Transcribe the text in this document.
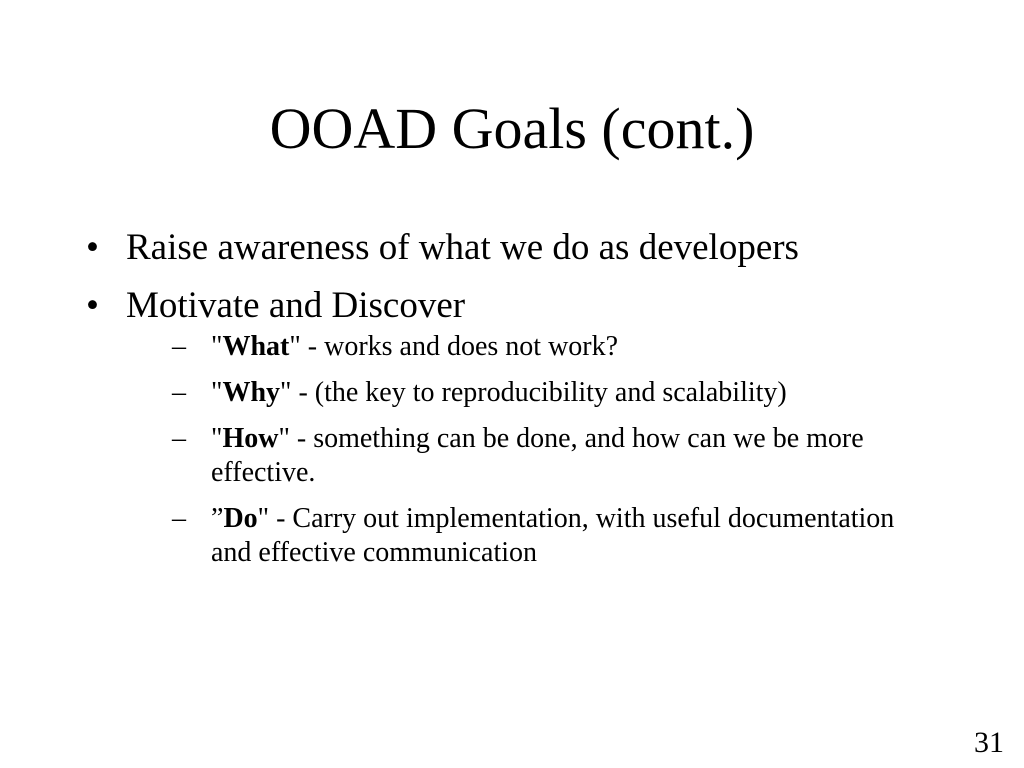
OOAD Goals (cont.)
• Raise awareness of what we do as developers
• Motivate and Discover
– "What" - works and does not work?
– "Why" - (the key to reproducibility and scalability)
– "How" - something can be done, and how can we be more effective.
– ”Do" - Carry out implementation, with useful documentation and effective communication
31
